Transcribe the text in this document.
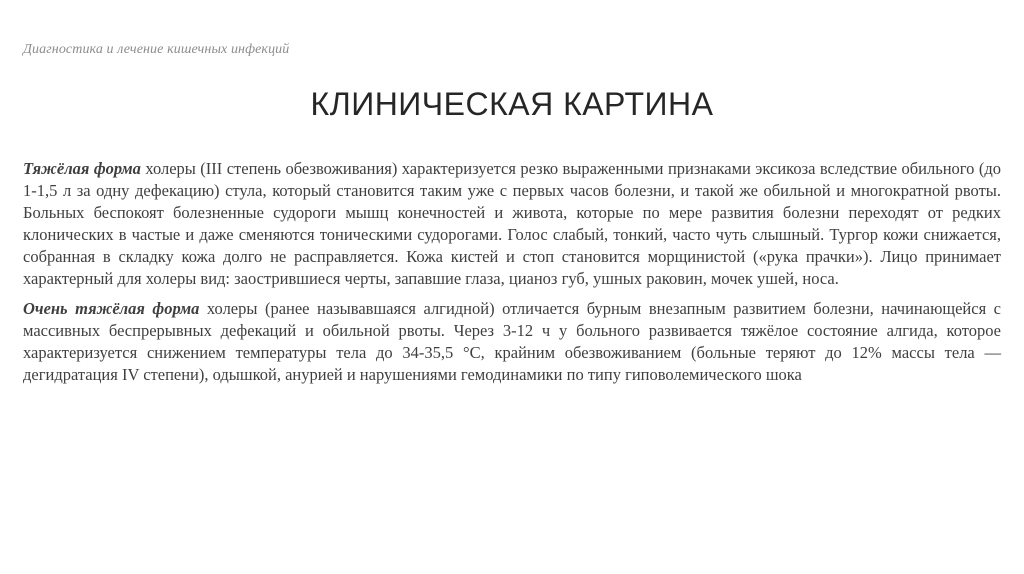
Диагностика и лечение кишечных инфекций
КЛИНИЧЕСКАЯ КАРТИНА

Тяжёлая форма холеры (III степень обезвоживания) характеризуется резко выраженными признаками эксикоза вследствие обильного (до 1-1,5 л за одну дефекацию) стула, который становится таким уже с первых часов болезни, и такой же обильной и многократной рвоты. Больных беспокоят болезненные судороги мышц конечностей и живота, которые по мере развития болезни переходят от редких клонических в частые и даже сменяются тоническими судорогами. Голос слабый, тонкий, часто чуть слышный. Тургор кожи снижается, собранная в складку кожа долго не расправляется. Кожа кистей и стоп становится морщинистой («рука прачки»). Лицо принимает характерный для холеры вид: заострившиеся черты, запавшие глаза, цианоз губ, ушных раковин, мочек ушей, носа.

Очень тяжёлая форма холеры (ранее называвшаяся алгидной) отличается бурным внезапным развитием болезни, начинающейся с массивных беспрерывных дефекаций и обильной рвоты. Через 3-12 ч у больного развивается тяжёлое состояние алгида, которое характеризуется снижением температуры тела до 34-35,5 °С, крайним обезвоживанием (больные теряют до 12% массы тела — дегидратация IV степени), одышкой, анурией и нарушениями гемодинамики по типу гиповолемического шока
